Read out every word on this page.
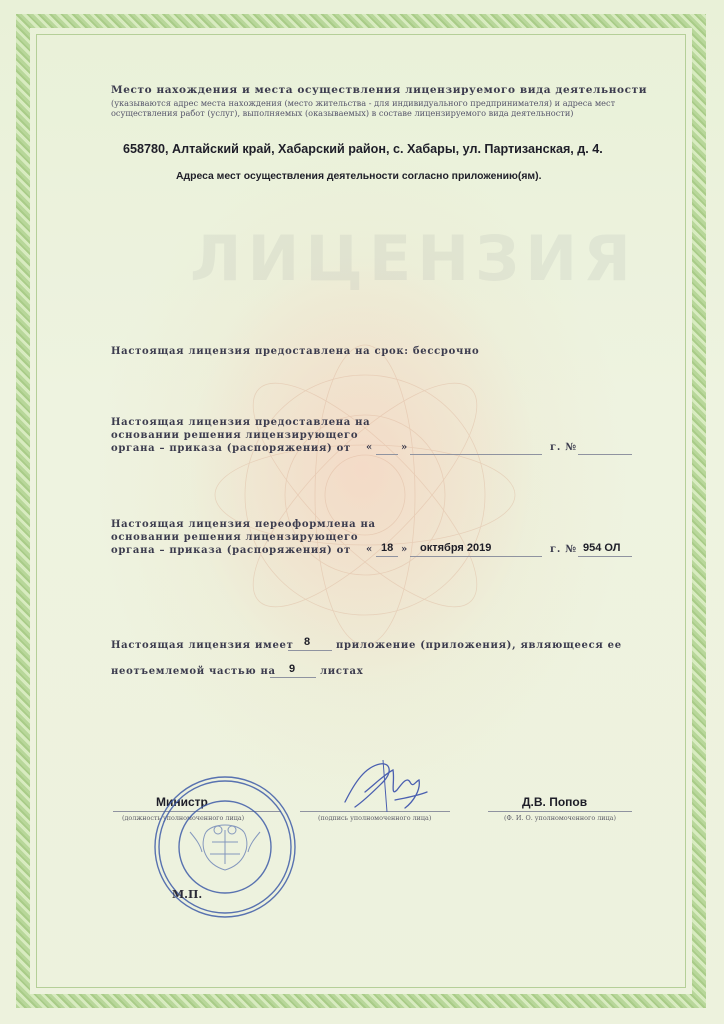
ЛИЦЕНЗИЯ
Место нахождения и места осуществления лицензируемого вида деятельности
(указываются адрес места нахождения (место жительства - для индивидуального предпринимателя) и адреса мест осуществления работ (услуг), выполняемых (оказываемых) в составе лицензируемого вида деятельности)
658780, Алтайский край, Хабарский район, с. Хабары, ул. Партизанская, д. 4.
Адреса мест осуществления деятельности согласно приложению(ям).
Настоящая лицензия предоставлена на срок: бессрочно
Настоящая лицензия предоставлена на
основании решения лицензирующего
органа – приказа (распоряжения) от	«	»	г. №
Настоящая лицензия переоформлена на
основании решения лицензирующего
органа – приказа (распоряжения) от	« 18 » октября 2019	г. № 954 ОЛ
Настоящая лицензия имеет 8	приложение (приложения), являющееся ее
неотъемлемой частью на 9 листах
Министр
(должность уполномоченного лица)	(подпись уполномоченного лица)
Д.В. Попов
(Ф. И. О. уполномоченного лица)
М.П.
